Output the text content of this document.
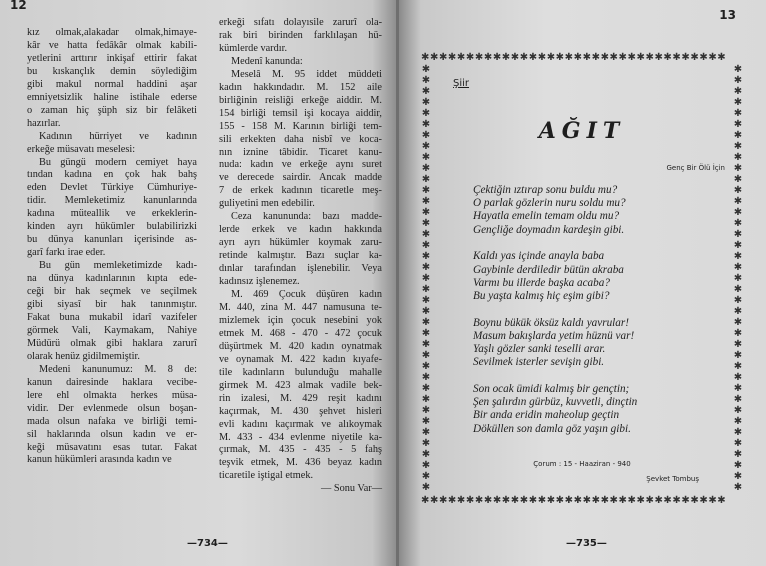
12
kız olmak,alakadar olmak,himaye-
kâr ve hatta fedâkâr olmak kabili-
yetlerini arttırır inkişaf ettirir fakat
bu kıskançlık demin söylediğim
gibi makul normal haddini aşar
emniyetsizlik haline istihale ederse
o zaman hiç şüph siz bir felâketi
hazırlar.
Kadının hürriyet ve kadının
erkeğe müsavatı meselesi:
Bu güngü modern cemiyet haya
tından kadına en çok hak bahş
eden Devlet Türkiye Cümhuriye-
tidir. Memleketimiz kanunlarında
kadına müteallik ve erkeklerin-
kinden ayrı hükümler bulabilirizki
bu dünya kanunları içerisinde as-
garî farkı irae eder.
Bu gün memleketimizde kadı-
na dünya kadınlarının kıpta ede-
ceği bir hak seçmek ve seçilmek
gibi siyasî bir hak tanınmıştır.
Fakat buna mukabil idarî vazifeler
görmek Vali, Kaymakam, Nahiye
Müdürü olmak gibi haklara zarurî
olarak henüz gidilmemiştir.
Medeni kanunumuz: M. 8 de:
kanun dairesinde haklara vecibe-
lere ehl olmakta herkes müsa-
vidir. Der evlenmede olsun boşan-
mada olsun nafaka ve birliği temi-
sil haklarında olsun kadın ve er-
keği müsavatını esas tutar. Fakat
kanun hükümleri arasında kadın ve
erkeği sıfatı dolayısile zarurî ola-
rak biri birinden farklılaşan hü-
kümlerde vardır.
Medenî kanunda:
Meselâ M. 95 iddet müddeti
kadın hakkındadır. M. 152 aile
birliğinin reisliği erkeğe aiddir. M.
154 birliği temsil işi kocaya aiddir,
155 - 158 M. Karının birliği tem-
sili erkekten daha nisbî ve koca-
nın iznine tâbidir. Ticaret kanu-
nuda: kadın ve erkeğe aynı suret
ve derecede sairdir. Ancak madde
7 de erkek kadının ticaretle meş-
guliyetini men edebilir.
Ceza kanununda: bazı madde-
lerde erkek ve kadın hakkında
ayrı ayrı hükümler koymak zaru-
retinde kalmıştır. Bazı suçlar ka-
dınlar tarafından işlenebilir. Veya
kadınsız işlenemez.
M. 469 Çocuk düşüren kadın
M. 440, zina M. 447 namusuna te-
mizlemek için çocuk nesebini yok
etmek M. 468 - 470 - 472 çocuk
düşürtmek M. 420 kadın oynatmak
ve oynamak M. 422 kadın kıyafe-
tile kadınların bulunduğu mahalle
girmek M. 423 almak vadile bek-
rin izalesi, M. 429 reşit kadını
kaçırmak, M. 430 şehvet hisleri
evli kadını kaçırmak ve alıkoymak
M. 433 - 434 evlenme niyetile ka-
çırmak, M. 435 - 435 - 5 fahş
teşvik etmek, M. 436 beyaz kadın
ticaretile iştigal etmek.
— Sonu Var—
—734—
13
✱✱✱✱✱✱✱✱✱✱✱✱✱✱✱✱✱✱✱✱✱✱✱✱✱✱✱✱✱✱✱✱✱✱
✱✱✱✱✱✱✱✱✱✱✱✱✱✱✱✱✱✱✱✱✱✱✱✱✱✱✱✱✱✱✱✱✱✱✱✱✱✱✱
✱✱✱✱✱✱✱✱✱✱✱✱✱✱✱✱✱✱✱✱✱✱✱✱✱✱✱✱✱✱✱✱✱✱✱✱✱✱✱
✱✱✱✱✱✱✱✱✱✱✱✱✱✱✱✱✱✱✱✱✱✱✱✱✱✱✱✱✱✱✱✱✱✱
Şiir
AĞIT
Genç Bir Ölü İçin
Çektiğin ıztırap sonu buldu mu?
O parlak gözlerin nuru soldu mu?
Hayatla emelin temam oldu mu?
Gençliğe doymadın kardeşin gibi.
Kaldı yas içinde anayla baba
Gaybinle derdiledir bütün akraba
Varmı bu illerde başka acaba?
Bu yaşta kalmış hiç eşim gibi?
Boynu bükük öksüz kaldı yavrular!
Masum bakışlarda yetim hüznü var!
Yaşlı gözler sanki teselli arar.
Sevilmek isterler sevişin gibi.
Son ocak ümidi kalmış bir gençtin;
Şen şalırdın gürbüz, kuvvetli, dinçtin
Bir anda eridin maheolup geçtin
Döküllen son damla göz yaşın gibi.
Çorum : 15 - Haaziran - 940
Şevket Tombuş
—735—
